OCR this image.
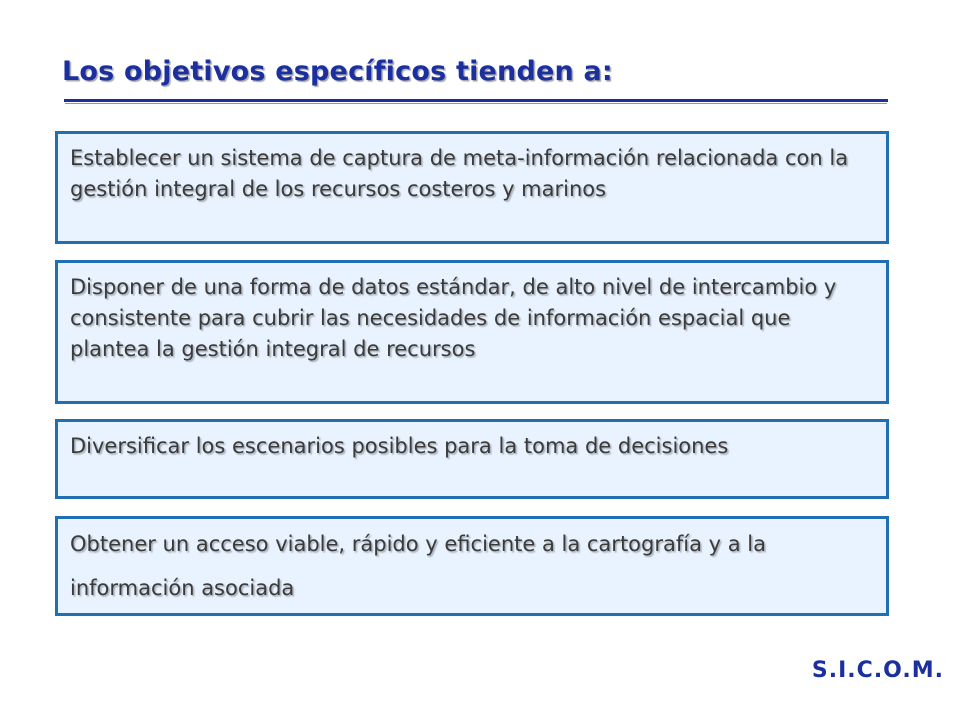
Los objetivos específicos tienden a:

Establecer un sistema de captura de meta-información relacionada con la gestión integral de los recursos costeros y marinos

Disponer de una forma de datos estándar, de alto nivel de intercambio y consistente para cubrir las necesidades de información espacial que plantea la gestión integral de recursos

Diversificar los escenarios posibles para la toma de decisiones

Obtener un acceso viable, rápido y eficiente a la cartografía y a la información asociada

S.I.C.O.M.
